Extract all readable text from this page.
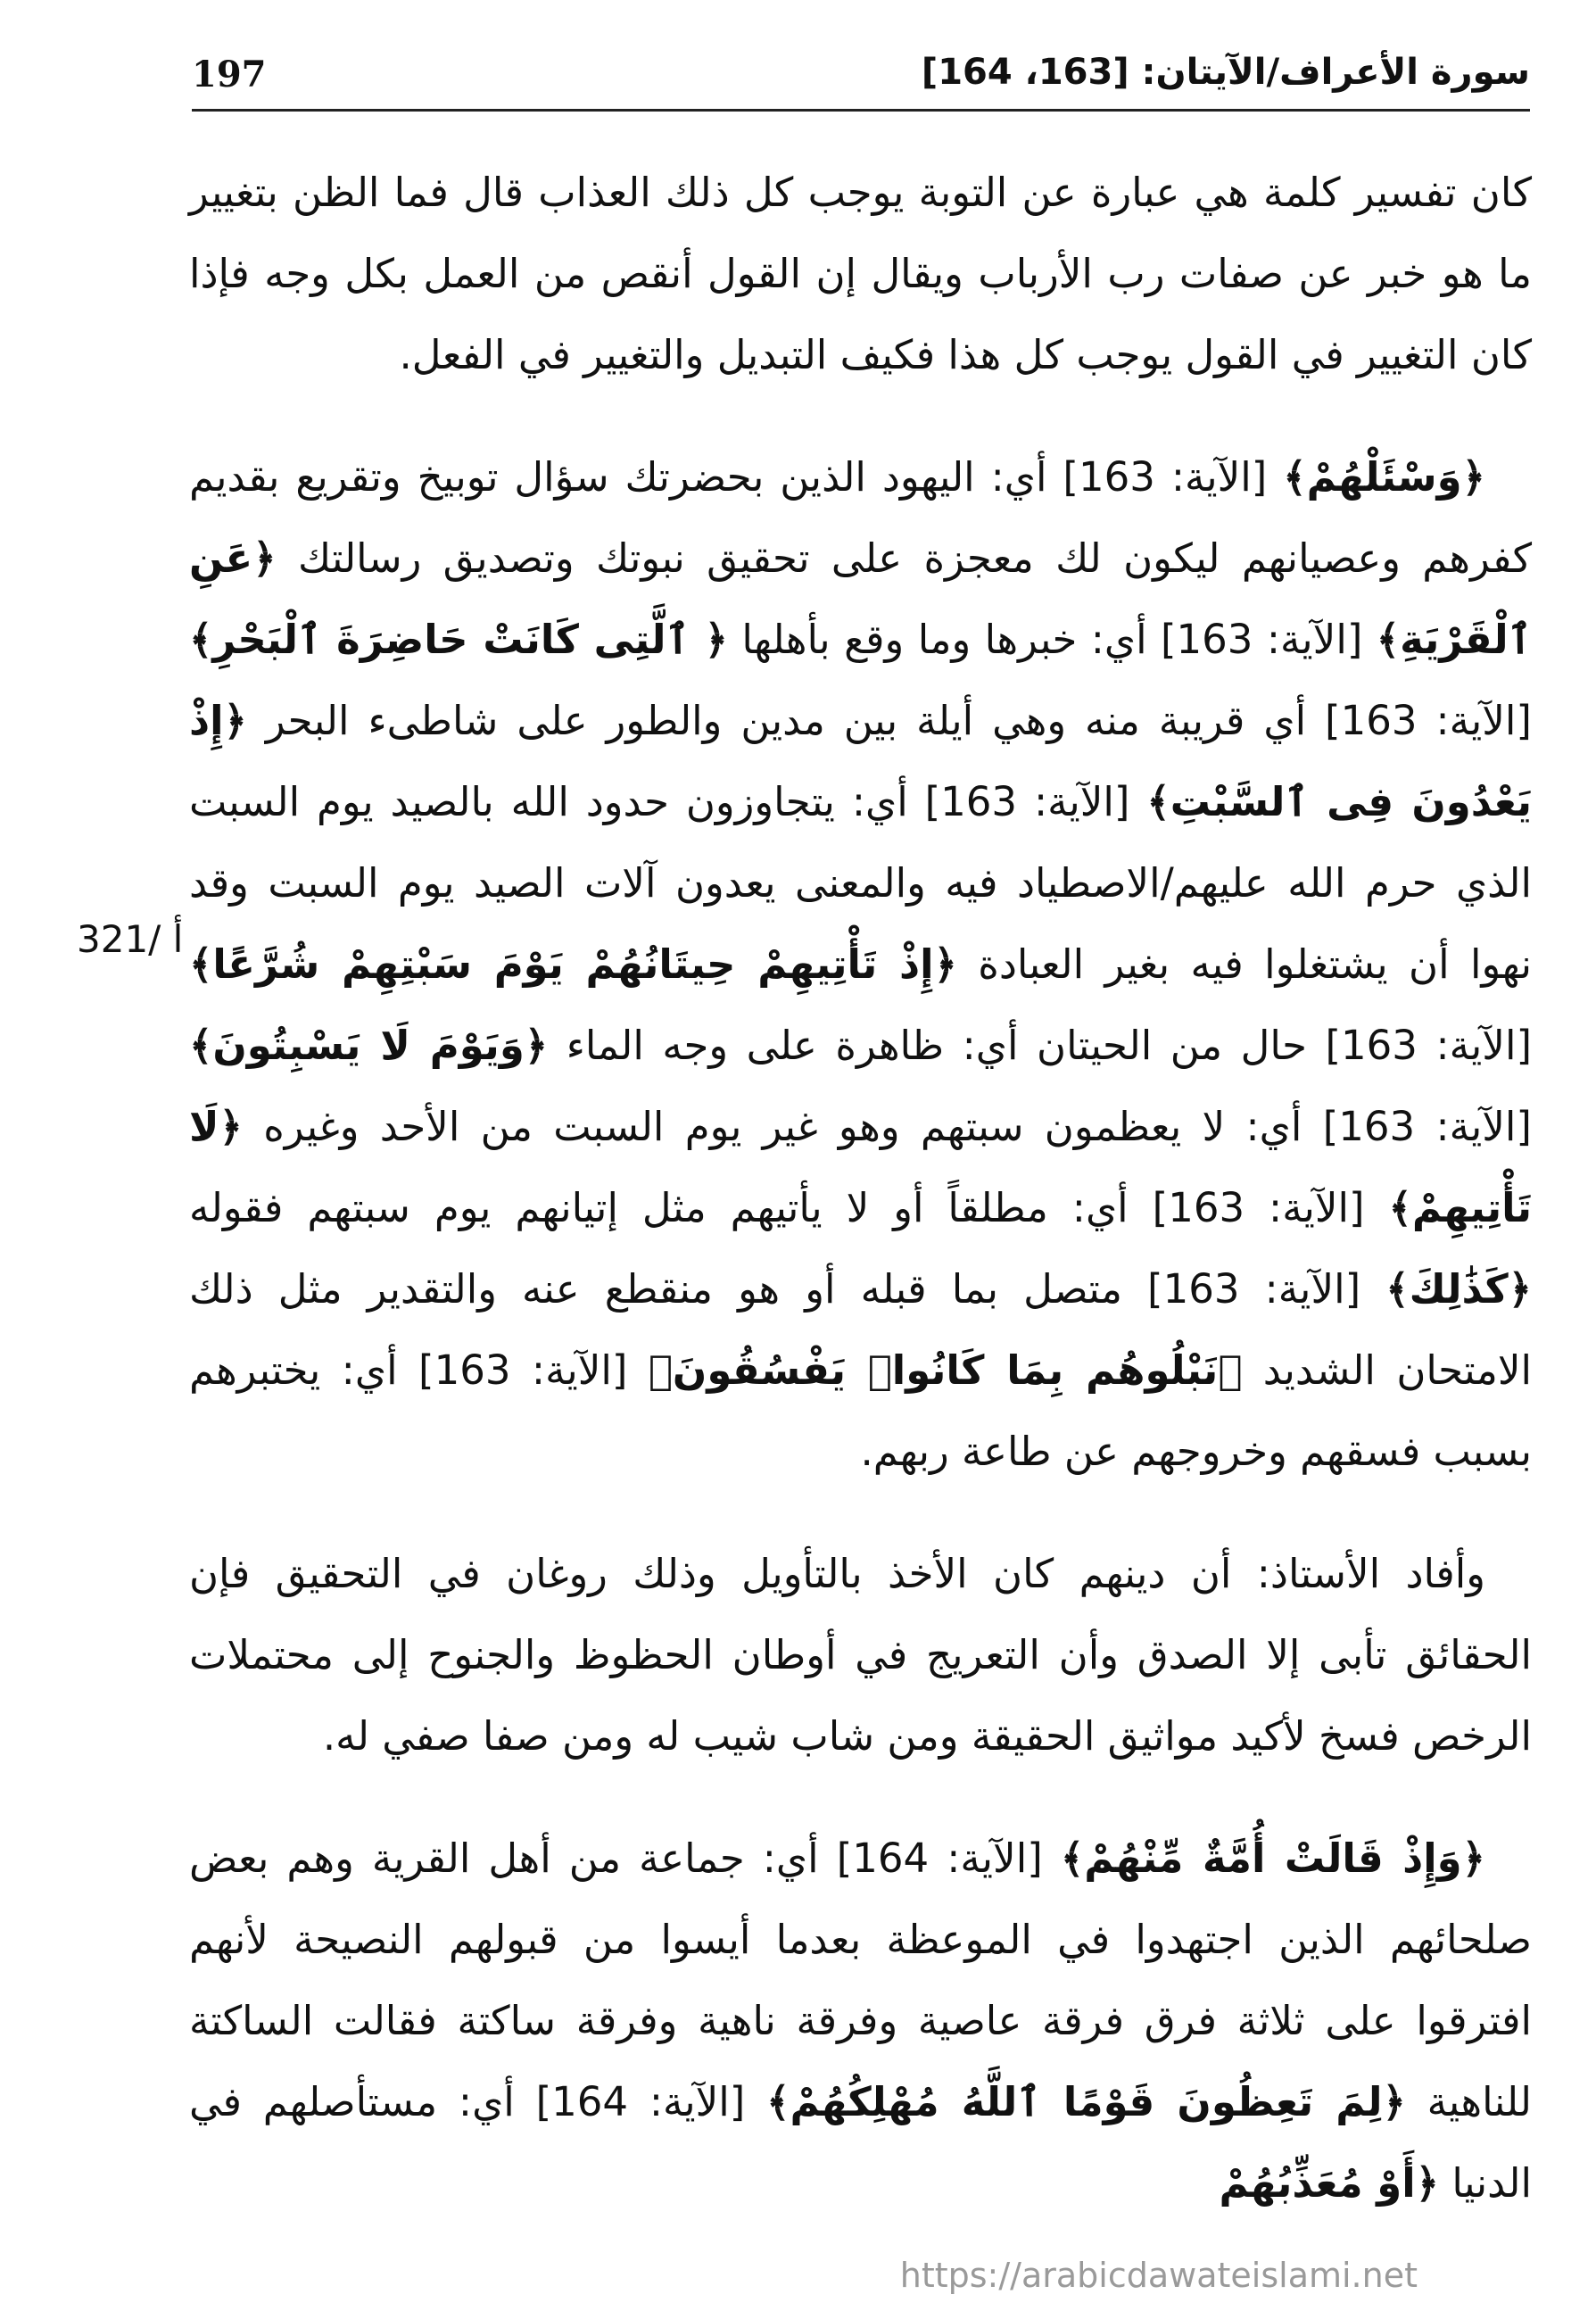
197	سورة الأعراف/الآيتان: [163، 164]
321/ أ

كان تفسير كلمة هي عبارة عن التوبة يوجب كل ذلك العذاب قال فما الظن بتغيير ما هو خبر عن صفات رب الأرباب ويقال إن القول أنقص من العمل بكل وجه فإذا كان التغيير في القول يوجب كل هذا فكيف التبديل والتغيير في الفعل.

﴿وَسْئَلْهُمْ﴾ [الآية: 163] أي: اليهود الذين بحضرتك سؤال توبيخ وتقريع بقديم كفرهم وعصيانهم ليكون لك معجزة على تحقيق نبوتك وتصديق رسالتك ﴿عَنِ ٱلْقَرْيَةِ﴾ [الآية: 163] أي: خبرها وما وقع بأهلها ﴿ ٱلَّتِى كَانَتْ حَاضِرَةَ ٱلْبَحْرِ﴾ [الآية: 163] أي قريبة منه وهي أيلة بين مدين والطور على شاطىء البحر ﴿إِذْ يَعْدُونَ فِى ٱلسَّبْتِ﴾ [الآية: 163] أي: يتجاوزون حدود الله بالصيد يوم السبت الذي حرم الله عليهم/الاصطياد فيه والمعنى يعدون آلات الصيد يوم السبت وقد نهوا أن يشتغلوا فيه بغير العبادة ﴿إِذْ تَأْتِيهِمْ حِيتَانُهُمْ يَوْمَ سَبْتِهِمْ شُرَّعًا﴾ [الآية: 163] حال من الحيتان أي: ظاهرة على وجه الماء ﴿وَيَوْمَ لَا يَسْبِتُونَ﴾ [الآية: 163] أي: لا يعظمون سبتهم وهو غير يوم السبت من الأحد وغيره ﴿لَا تَأْتِيهِمْ﴾ [الآية: 163] أي: مطلقاً أو لا يأتيهم مثل إتيانهم يوم سبتهم فقوله ﴿كَذَٰلِكَ﴾ [الآية: 163] متصل بما قبله أو هو منقطع عنه والتقدير مثل ذلك الامتحان الشديد ﴿نَبْلُوهُم بِمَا كَانُوا۟ يَفْسُقُونَ﴾ [الآية: 163] أي: يختبرهم بسبب فسقهم وخروجهم عن طاعة ربهم.

وأفاد الأستاذ: أن دينهم كان الأخذ بالتأويل وذلك روغان في التحقيق فإن الحقائق تأبى إلا الصدق وأن التعريج في أوطان الحظوظ والجنوح إلى محتملات الرخص فسخ لأكيد مواثيق الحقيقة ومن شاب شيب له ومن صفا صفي له.

﴿وَإِذْ قَالَتْ أُمَّةٌ مِّنْهُمْ﴾ [الآية: 164] أي: جماعة من أهل القرية وهم بعض صلحائهم الذين اجتهدوا في الموعظة بعدما أيسوا من قبولهم النصيحة لأنهم افترقوا على ثلاثة فرق فرقة عاصية وفرقة ناهية وفرقة ساكتة فقالت الساكتة للناهية ﴿لِمَ تَعِظُونَ قَوْمًا ٱللَّهُ مُهْلِكُهُمْ﴾ [الآية: 164] أي: مستأصلهم في الدنيا ﴿أَوْ مُعَذِّبُهُمْ

https://arabicdawateislami.net
